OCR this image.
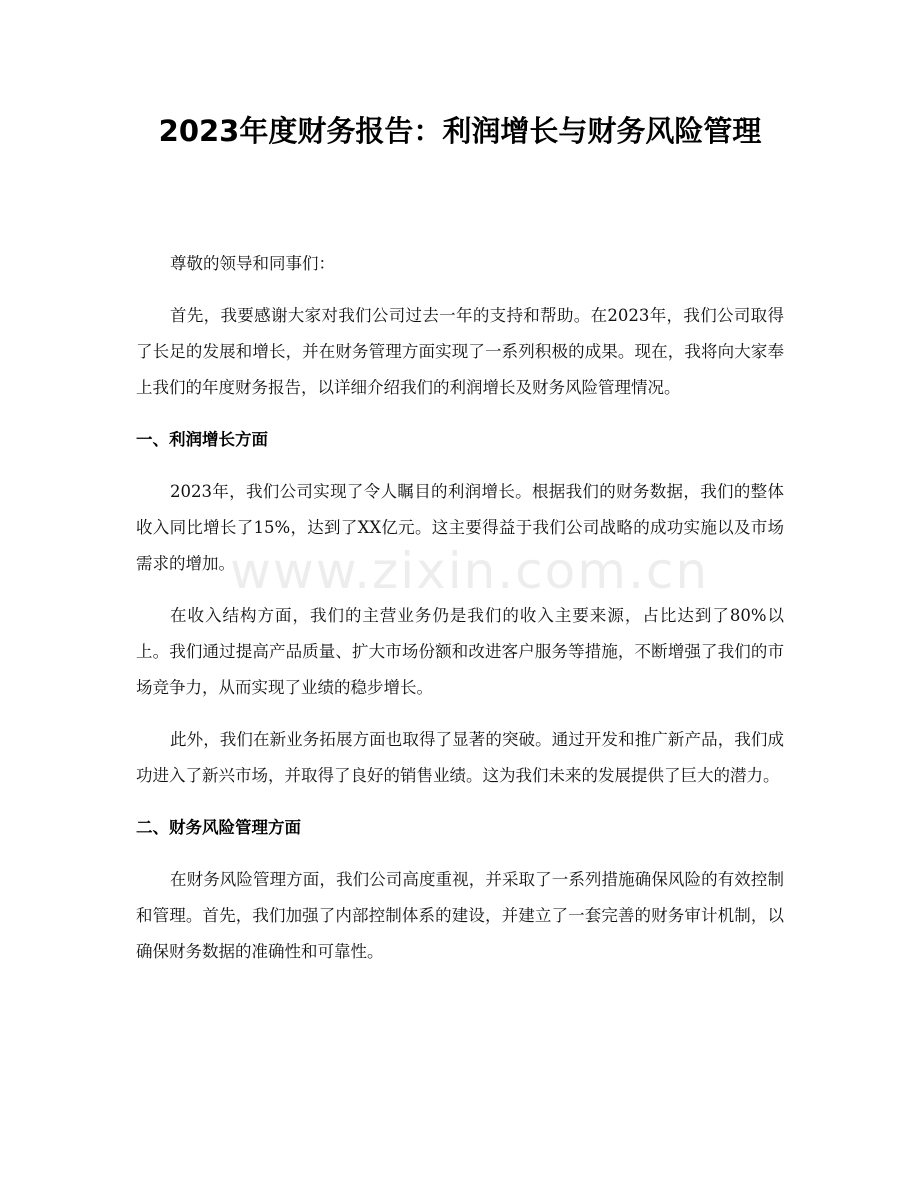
2023年度财务报告：利润增长与财务风险管理

尊敬的领导和同事们：

首先，我要感谢大家对我们公司过去一年的支持和帮助。在2023年，我们公司取得了长足的发展和增长，并在财务管理方面实现了一系列积极的成果。现在，我将向大家奉上我们的年度财务报告，以详细介绍我们的利润增长及财务风险管理情况。

一、利润增长方面

2023年，我们公司实现了令人瞩目的利润增长。根据我们的财务数据，我们的整体收入同比增长了15%，达到了XX亿元。这主要得益于我们公司战略的成功实施以及市场需求的增加。

在收入结构方面，我们的主营业务仍是我们的收入主要来源，占比达到了80%以上。我们通过提高产品质量、扩大市场份额和改进客户服务等措施，不断增强了我们的市场竞争力，从而实现了业绩的稳步增长。

此外，我们在新业务拓展方面也取得了显著的突破。通过开发和推广新产品，我们成功进入了新兴市场，并取得了良好的销售业绩。这为我们未来的发展提供了巨大的潜力。

二、财务风险管理方面

在财务风险管理方面，我们公司高度重视，并采取了一系列措施确保风险的有效控制和管理。首先，我们加强了内部控制体系的建设，并建立了一套完善的财务审计机制，以确保财务数据的准确性和可靠性。

www.zixin.com.cn
